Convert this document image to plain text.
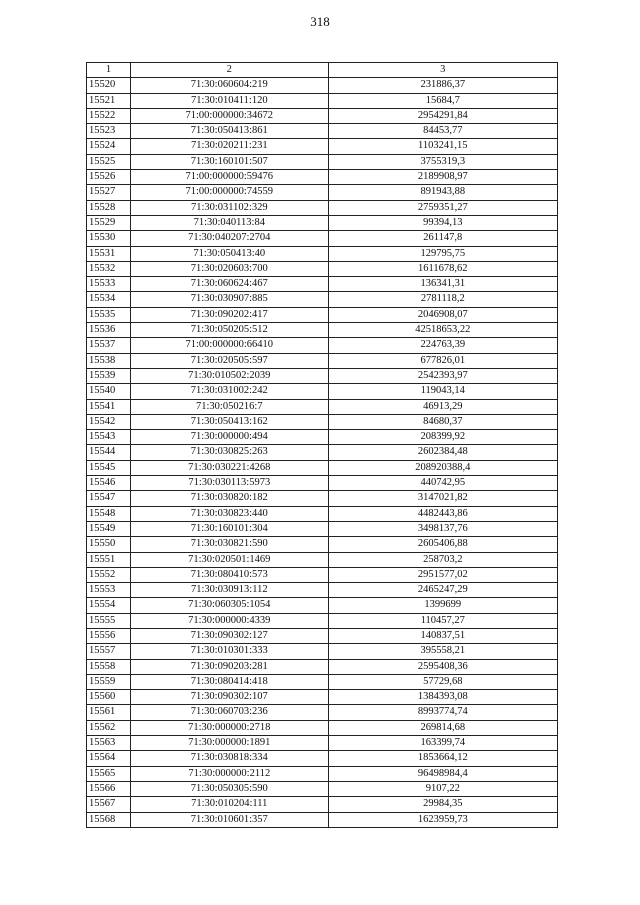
318
1	2	3
15520	71:30:060604:219	231886,37
15521	71:30:010411:120	15684,7
15522	71:00:000000:34672	2954291,84
15523	71:30:050413:861	84453,77
15524	71:30:020211:231	1103241,15
15525	71:30:160101:507	3755319,3
15526	71:00:000000:59476	2189908,97
15527	71:00:000000:74559	891943,88
15528	71:30:031102:329	2759351,27
15529	71:30:040113:84	99394,13
15530	71:30:040207:2704	261147,8
15531	71:30:050413:40	129795,75
15532	71:30:020603:700	1611678,62
15533	71:30:060624:467	136341,31
15534	71:30:030907:885	2781118,2
15535	71:30:090202:417	2046908,07
15536	71:30:050205:512	42518653,22
15537	71:00:000000:66410	224763,39
15538	71:30:020505:597	677826,01
15539	71:30:010502:2039	2542393,97
15540	71:30:031002:242	119043,14
15541	71:30:050216:7	46913,29
15542	71:30:050413:162	84680,37
15543	71:30:000000:494	208399,92
15544	71:30:030825:263	2602384,48
15545	71:30:030221:4268	208920388,4
15546	71:30:030113:5973	440742,95
15547	71:30:030820:182	3147021,82
15548	71:30:030823:440	4482443,86
15549	71:30:160101:304	3498137,76
15550	71:30:030821:590	2605406,88
15551	71:30:020501:1469	258703,2
15552	71:30:080410:573	2951577,02
15553	71:30:030913:112	2465247,29
15554	71:30:060305:1054	1399699
15555	71:30:000000:4339	110457,27
15556	71:30:090302:127	140837,51
15557	71:30:010301:333	395558,21
15558	71:30:090203:281	2595408,36
15559	71:30:080414:418	57729,68
15560	71:30:090302:107	1384393,08
15561	71:30:060703:236	8993774,74
15562	71:30:000000:2718	269814,68
15563	71:30:000000:1891	163399,74
15564	71:30:030818:334	1853664,12
15565	71:30:000000:2112	96498984,4
15566	71:30:050305:590	9107,22
15567	71:30:010204:111	29984,35
15568	71:30:010601:357	1623959,73
